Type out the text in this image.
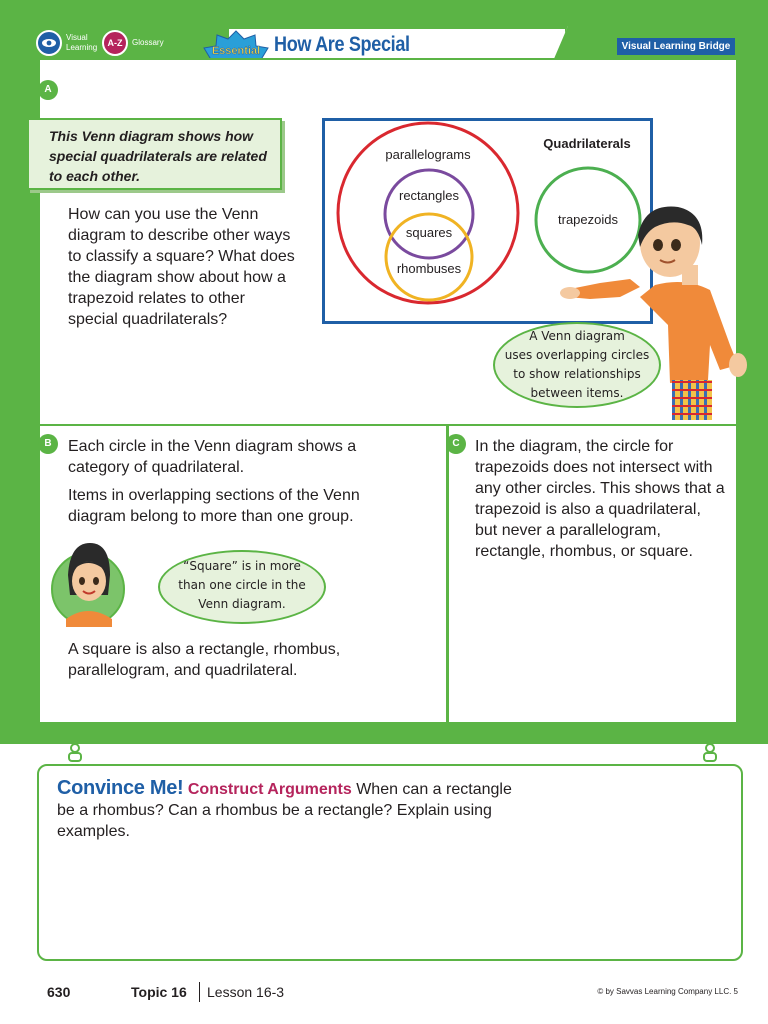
Visual
Learning	A-Z	Glossary
Essential How Are Special	Visual Learning Bridge
A
This Venn diagram shows how special quadrilaterals are related to each other.
How can you use the Venn diagram to describe other ways to classify a square? What does the diagram show about how a trapezoid relates to other special quadrilaterals?
parallelograms
rectangles
squares
rhombuses
trapezoids
Quadrilaterals
A Venn diagram
uses overlapping circles
to show relationships
between items.
B	Each circle in the Venn diagram shows a category of quadrilateral.
Items in overlapping sections of the Venn diagram belong to more than one group.
“Square” is in more
than one circle in the
Venn diagram.
A square is also a rectangle, rhombus, parallelogram, and quadrilateral.
C In the diagram, the circle for trapezoids does not intersect with any other circles. This shows that a trapezoid is also a quadrilateral, but never a parallelogram, rectangle, rhombus, or square.

Convince Me! Construct Arguments When can a rectangle be a rhombus? Can a rhombus be a rectangle? Explain using examples.

630	Topic 16 Lesson 16-3	© by Savvas Learning Company LLC. 5
